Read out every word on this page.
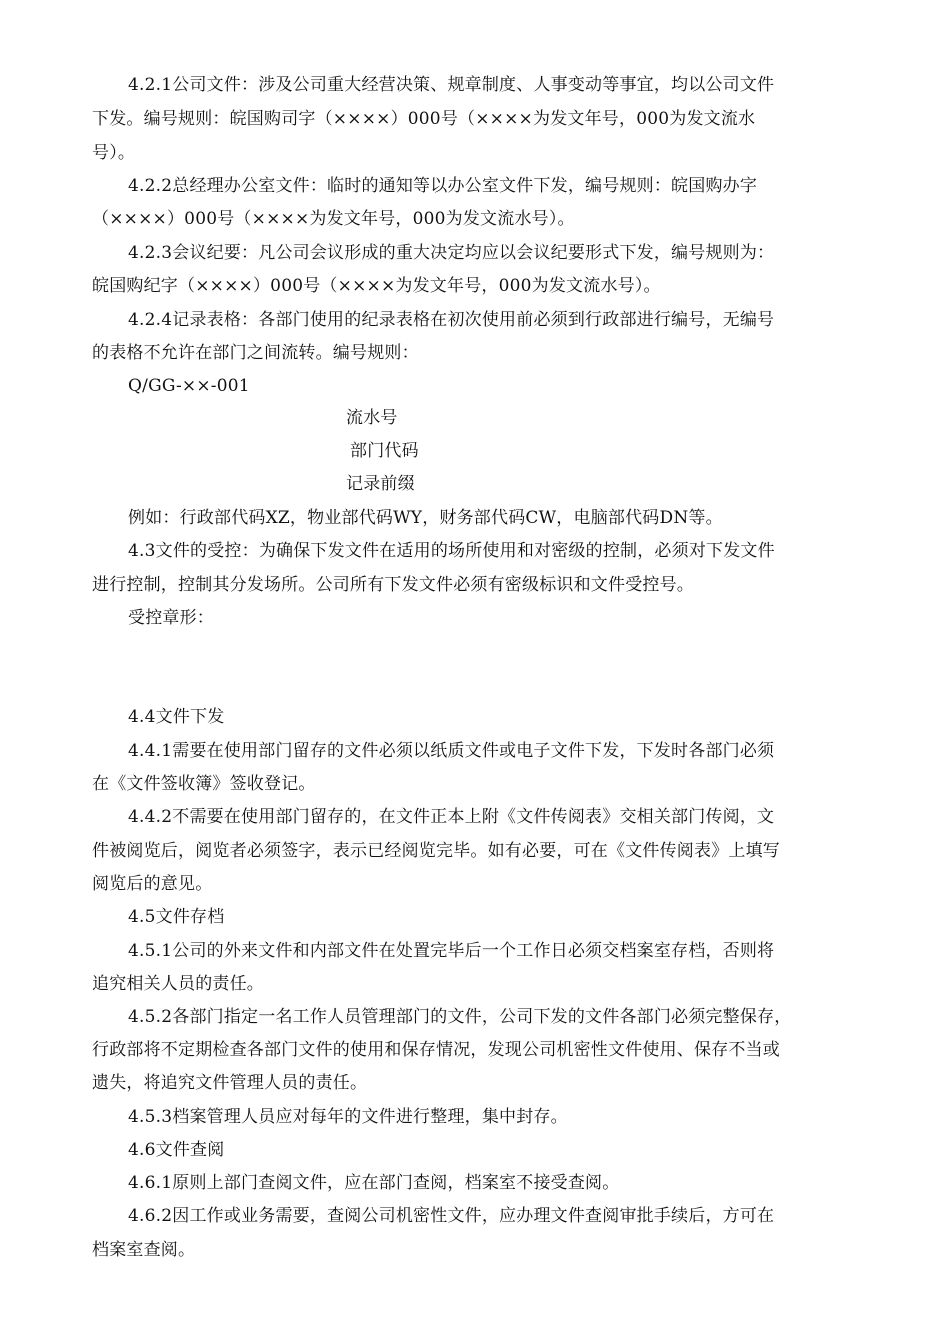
4.2.1公司文件：涉及公司重大经营决策、规章制度、人事变动等事宜，均以公司文件
下发。编号规则：皖国购司字（××××）000号（××××为发文年号，000为发文流水
号）。
4.2.2总经理办公室文件：临时的通知等以办公室文件下发，编号规则：皖国购办字
（××××）000号（××××为发文年号，000为发文流水号）。
4.2.3会议纪要：凡公司会议形成的重大决定均应以会议纪要形式下发，编号规则为：
皖国购纪字（××××）000号（××××为发文年号，000为发文流水号）。
4.2.4记录表格：各部门使用的纪录表格在初次使用前必须到行政部进行编号，无编号
的表格不允许在部门之间流转。编号规则：
Q/GG-××-001
流水号
部门代码
记录前缀
例如：行政部代码XZ，物业部代码WY，财务部代码CW，电脑部代码DN等。
4.3文件的受控：为确保下发文件在适用的场所使用和对密级的控制，必须对下发文件
进行控制，控制其分发场所。公司所有下发文件必须有密级标识和文件受控号。
受控章形：
4.4文件下发
4.4.1需要在使用部门留存的文件必须以纸质文件或电子文件下发，下发时各部门必须
在《文件签收簿》签收登记。
4.4.2不需要在使用部门留存的，在文件正本上附《文件传阅表》交相关部门传阅，文
件被阅览后，阅览者必须签字，表示已经阅览完毕。如有必要，可在《文件传阅表》上填写
阅览后的意见。
4.5文件存档
4.5.1公司的外来文件和内部文件在处置完毕后一个工作日必须交档案室存档，否则将
追究相关人员的责任。
4.5.2各部门指定一名工作人员管理部门的文件，公司下发的文件各部门必须完整保存，
行政部将不定期检查各部门文件的使用和保存情况，发现公司机密性文件使用、保存不当或
遗失，将追究文件管理人员的责任。
4.5.3档案管理人员应对每年的文件进行整理，集中封存。
4.6文件查阅
4.6.1原则上部门查阅文件，应在部门查阅，档案室不接受查阅。
4.6.2因工作或业务需要，查阅公司机密性文件，应办理文件查阅审批手续后，方可在
档案室查阅。
